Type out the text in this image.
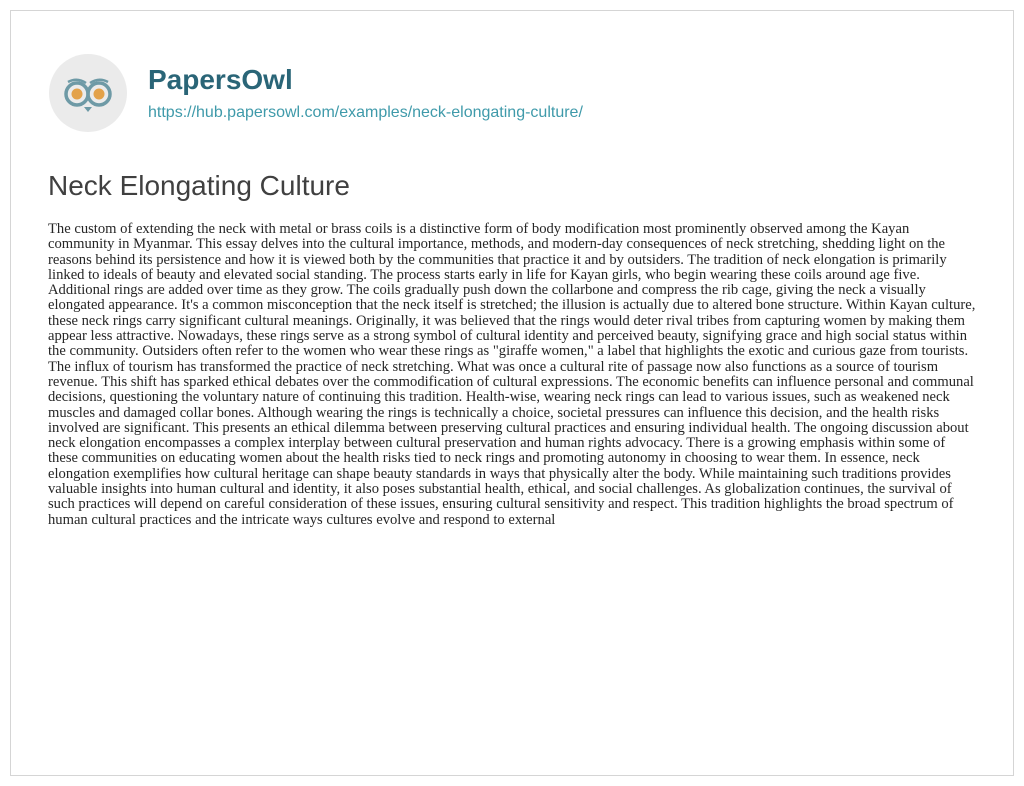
PapersOwl
https://hub.papersowl.com/examples/neck-elongating-culture/
Neck Elongating Culture

The custom of extending the neck with metal or brass coils is a distinctive form of body modification most prominently observed among the Kayan community in Myanmar. This essay delves into the cultural importance, methods, and modern-day consequences of neck stretching, shedding light on the reasons behind its persistence and how it is viewed both by the communities that practice it and by outsiders. The tradition of neck elongation is primarily linked to ideals of beauty and elevated social standing. The process starts early in life for Kayan girls, who begin wearing these coils around age five. Additional rings are added over time as they grow. The coils gradually push down the collarbone and compress the rib cage, giving the neck a visually elongated appearance. It's a common misconception that the neck itself is stretched; the illusion is actually due to altered bone structure. Within Kayan culture, these neck rings carry significant cultural meanings. Originally, it was believed that the rings would deter rival tribes from capturing women by making them appear less attractive. Nowadays, these rings serve as a strong symbol of cultural identity and perceived beauty, signifying grace and high social status within the community. Outsiders often refer to the women who wear these rings as "giraffe women," a label that highlights the exotic and curious gaze from tourists. The influx of tourism has transformed the practice of neck stretching. What was once a cultural rite of passage now also functions as a source of tourism revenue. This shift has sparked ethical debates over the commodification of cultural expressions. The economic benefits can influence personal and communal decisions, questioning the voluntary nature of continuing this tradition. Health-wise, wearing neck rings can lead to various issues, such as weakened neck muscles and damaged collar bones. Although wearing the rings is technically a choice, societal pressures can influence this decision, and the health risks involved are significant. This presents an ethical dilemma between preserving cultural practices and ensuring individual health. The ongoing discussion about neck elongation encompasses a complex interplay between cultural preservation and human rights advocacy. There is a growing emphasis within some of these communities on educating women about the health risks tied to neck rings and promoting autonomy in choosing to wear them. In essence, neck elongation exemplifies how cultural heritage can shape beauty standards in ways that physically alter the body. While maintaining such traditions provides valuable insights into human cultural and identity, it also poses substantial health, ethical, and social challenges. As globalization continues, the survival of such practices will depend on careful consideration of these issues, ensuring cultural sensitivity and respect. This tradition highlights the broad spectrum of human cultural practices and the intricate ways cultures evolve and respond to external
